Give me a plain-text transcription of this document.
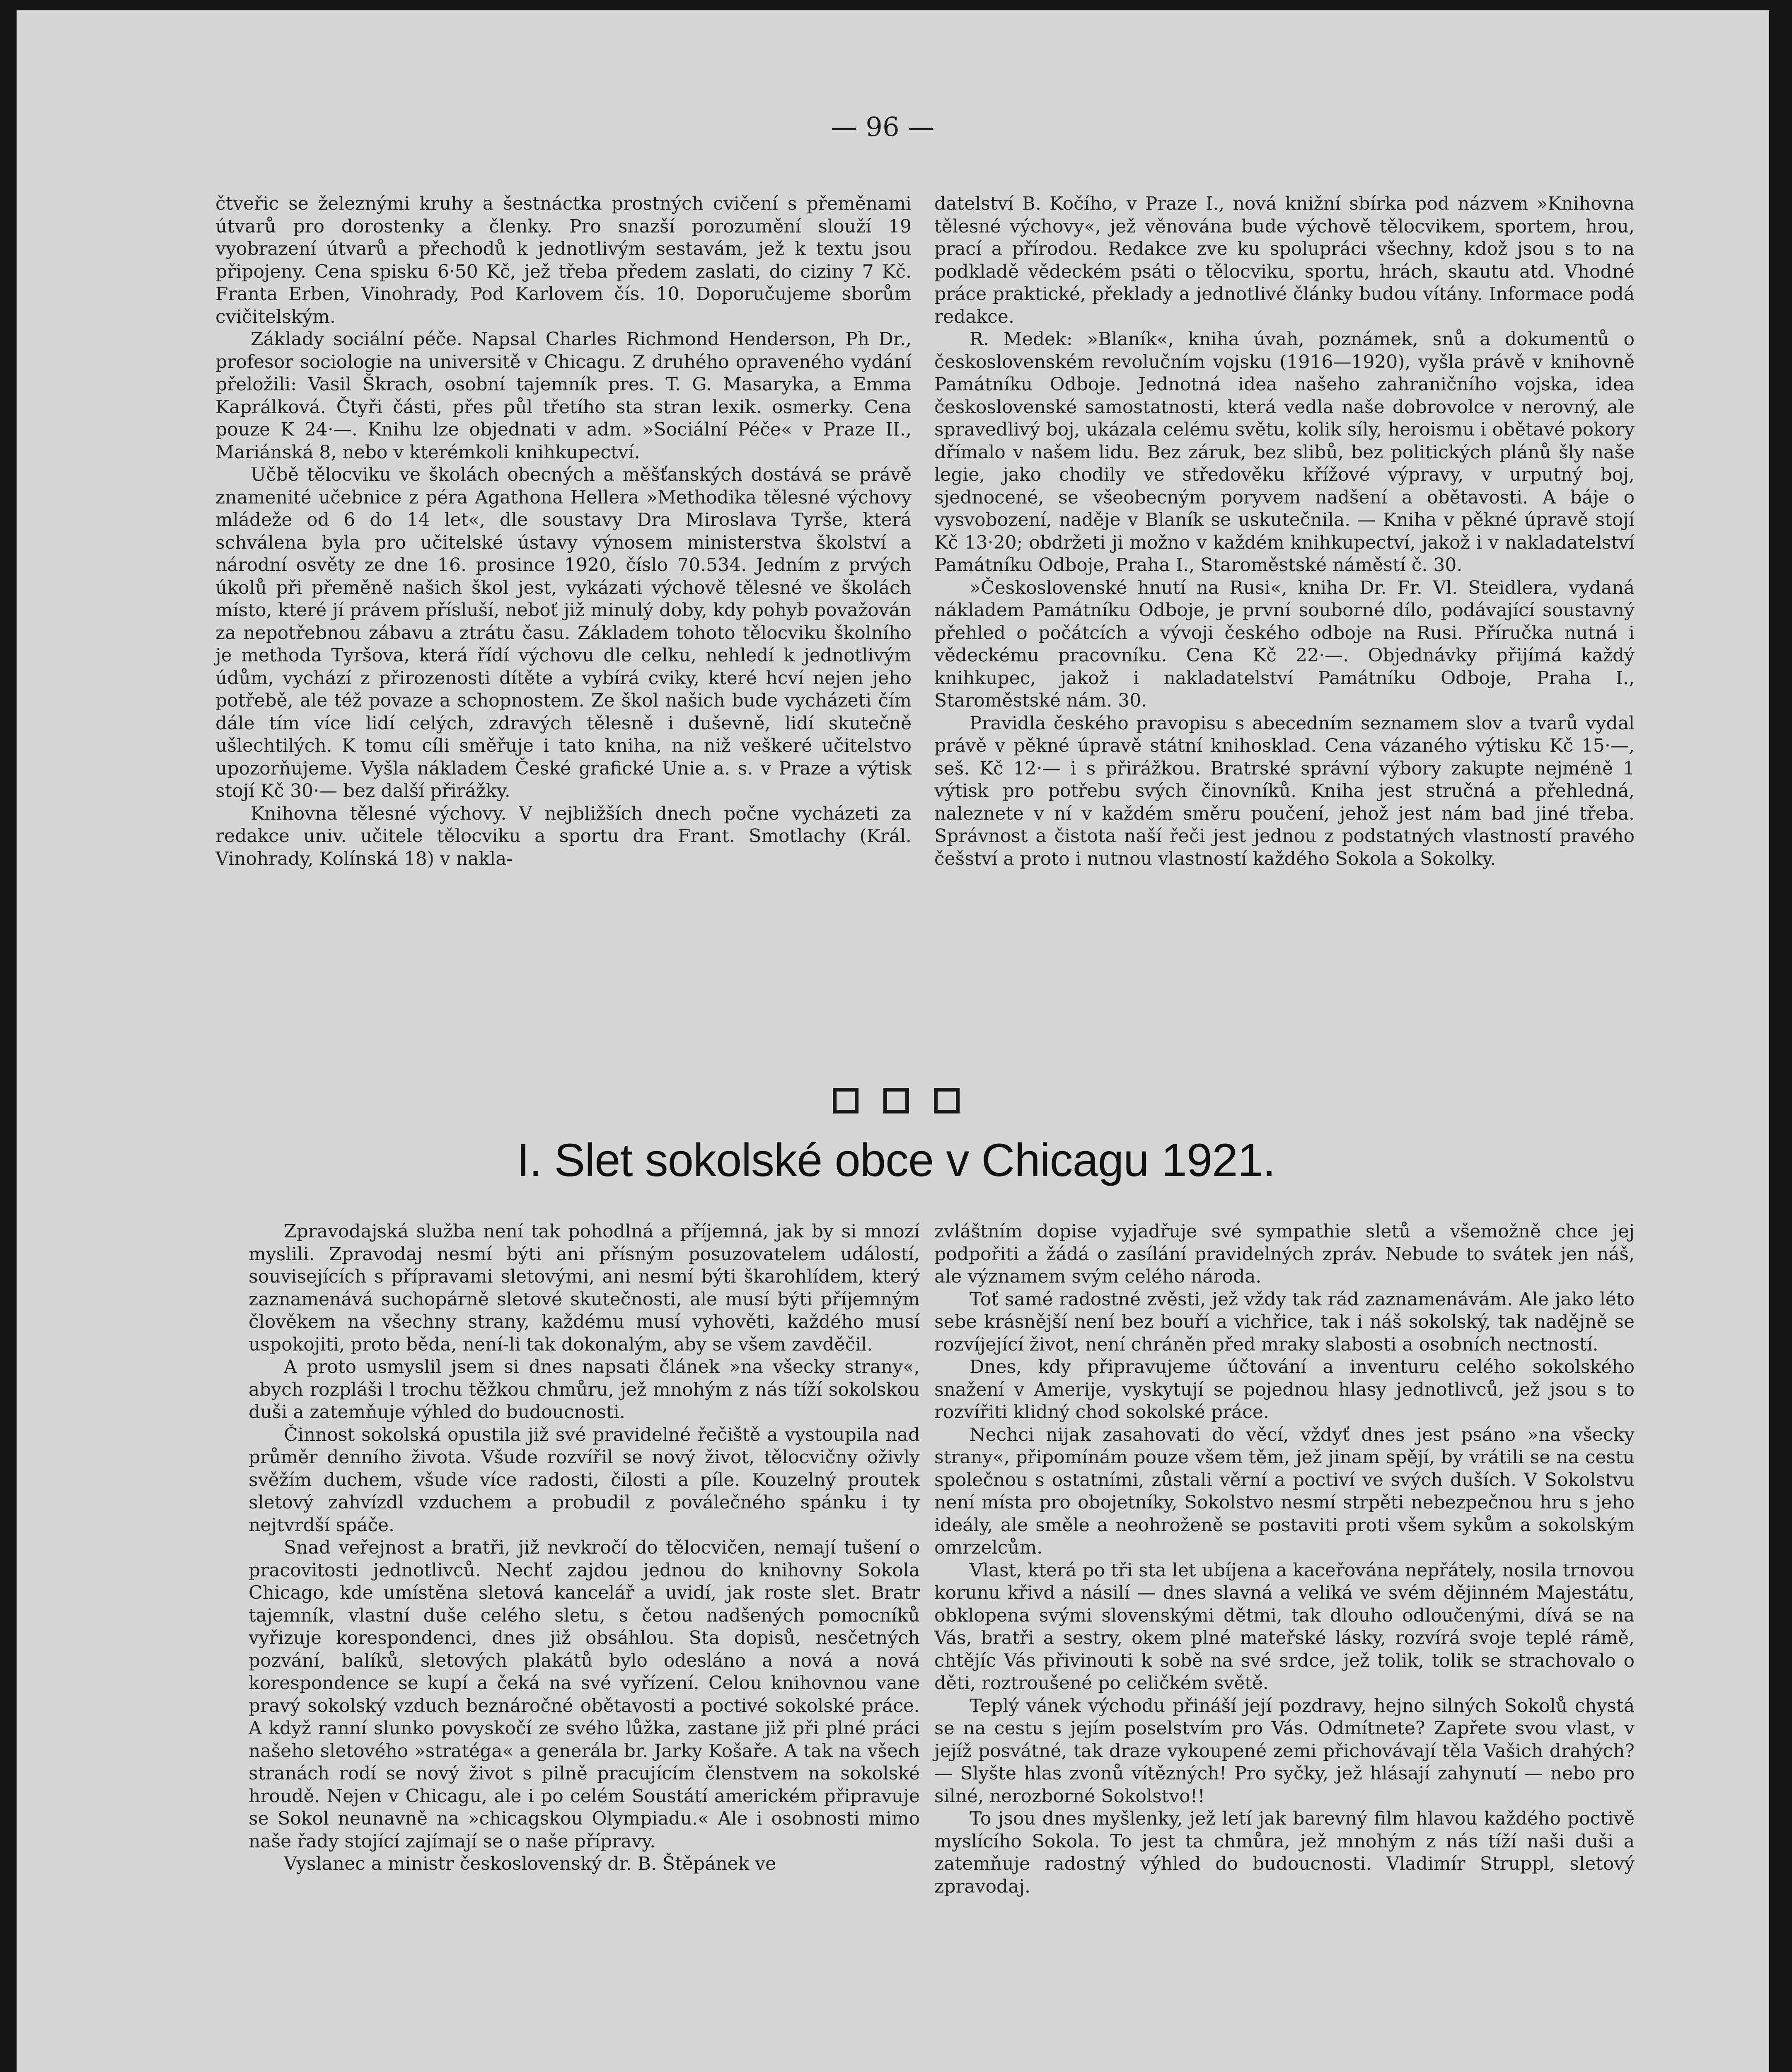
— 96 —

čtveřic se železnými kruhy a šestnáctka prostných cvičení s přeměnami útvarů pro dorostenky a členky. Pro snazší porozumění slouží 19 vyobrazení útvarů a přechodů k jednotlivým sestavám, jež k textu jsou připojeny. Cena spisku 6·50 Kč, jež třeba předem zaslati, do ciziny 7 Kč. Franta Erben, Vinohrady, Pod Karlovem čís. 10. Doporučujeme sborům cvičitelským.

Základy sociální péče. Napsal Charles Richmond Henderson, Ph Dr., profesor sociologie na universitě v Chicagu. Z druhého opraveného vydání přeložili: Vasil Škrach, osobní tajemník pres. T. G. Masaryka, a Emma Kaprálková. Čtyři části, přes půl třetího sta stran lexik. osmerky. Cena pouze K 24·—. Knihu lze objednati v adm. »Sociální Péče« v Praze II., Mariánská 8, nebo v kterémkoli knihkupectví.

Učbě tělocviku ve školách obecných a měšťanských dostává se právě znamenité učebnice z péra Agathona Hellera »Methodika tělesné výchovy mládeže od 6 do 14 let«, dle soustavy Dra Miroslava Tyrše, která schválena byla pro učitelské ústavy výnosem ministerstva školství a národní osvěty ze dne 16. prosince 1920, číslo 70.534. Jedním z prvých úkolů při přeměně našich škol jest, vykázati výchově tělesné ve školách místo, které jí právem přísluší, neboť již minulý doby, kdy pohyb považován za nepotřebnou zábavu a ztrátu času. Základem tohoto tělocviku školního je methoda Tyršova, která řídí výchovu dle celku, nehledí k jednotlivým údům, vychází z přirozenosti dítěte a vybírá cviky, které hcví nejen jeho potřebě, ale též povaze a schopnostem. Ze škol našich bude vycházeti čím dále tím více lidí celých, zdravých tělesně i duševně, lidí skutečně ušlechtilých. K tomu cíli směřuje i tato kniha, na niž veškeré učitelstvo upozorňujeme. Vyšla nákladem České grafické Unie a. s. v Praze a výtisk stojí Kč 30·— bez další přirážky.

Knihovna tělesné výchovy. V nejbližších dnech počne vycházeti za redakce univ. učitele tělocviku a sportu dra Frant. Smotlachy (Král. Vinohrady, Kolínská 18) v nakla-

datelství B. Kočího, v Praze I., nová knižní sbírka pod názvem »Knihovna tělesné výchovy«, jež věnována bude výchově tělocvikem, sportem, hrou, prací a přírodou. Redakce zve ku spolupráci všechny, kdož jsou s to na podkladě vědeckém psáti o tělocviku, sportu, hrách, skautu atd. Vhodné práce praktické, překlady a jednotlivé články budou vítány. Informace podá redakce.

R. Medek: »Blaník«, kniha úvah, poznámek, snů a dokumentů o československém revolučním vojsku (1916—1920), vyšla právě v knihovně Památníku Odboje. Jednotná idea našeho zahraničního vojska, idea československé samostatnosti, která vedla naše dobrovolce v nerovný, ale spravedlivý boj, ukázala celému světu, kolik síly, heroismu i obětavé pokory dřímalo v našem lidu. Bez záruk, bez slibů, bez politických plánů šly naše legie, jako chodily ve středověku křížové výpravy, v urputný boj, sjednocené, se všeobecným poryvem nadšení a obětavosti. A báje o vysvobození, naděje v Blaník se uskutečnila. — Kniha v pěkné úpravě stojí Kč 13·20; obdržeti ji možno v každém knihkupectví, jakož i v nakladatelství Památníku Odboje, Praha I., Staroměstské náměstí č. 30.

»Československé hnutí na Rusi«, kniha Dr. Fr. Vl. Steidlera, vydaná nákladem Památníku Odboje, je první souborné dílo, podávající soustavný přehled o počátcích a vývoji českého odboje na Rusi. Příručka nutná i vědeckému pracovníku. Cena Kč 22·—. Objednávky přijímá každý knihkupec, jakož i nakladatelství Památníku Odboje, Praha I., Staroměstské nám. 30.

Pravidla českého pravopisu s abecedním seznamem slov a tvarů vydal právě v pěkné úpravě státní knihosklad. Cena vázaného výtisku Kč 15·—, seš. Kč 12·— i s přirážkou. Bratrské správní výbory zakupte nejméně 1 výtisk pro potřebu svých činovníků. Kniha jest stručná a přehledná, naleznete v ní v každém směru poučení, jehož jest nám bad jiné třeba. Správnost a čistota naší řeči jest jednou z podstatných vlastností pravého češství a proto i nutnou vlastností každého Sokola a Sokolky.

I. Slet sokolské obce v Chicagu 1921.

Zpravodajská služba není tak pohodlná a příjemná, jak by si mnozí myslili. Zpravodaj nesmí býti ani přísným posuzovatelem událostí, souvisejících s přípravami sletovými, ani nesmí býti škarohlídem, který zaznamenává suchopárně sletové skutečnosti, ale musí býti příjemným člověkem na všechny strany, každému musí vyhověti, každého musí uspokojiti, proto běda, není-li tak dokonalým, aby se všem zavděčil.

A proto usmyslil jsem si dnes napsati článek »na všecky strany«, abych rozpláši l trochu těžkou chmůru, jež mnohým z nás tíží sokolskou duši a zatemňuje výhled do budoucnosti.

Činnost sokolská opustila již své pravidelné řečiště a vystoupila nad průměr denního života. Všude rozvířil se nový život, tělocvičny oživly svěžím duchem, všude více radosti, čilosti a píle. Kouzelný proutek sletový zahvízdl vzduchem a probudil z poválečného spánku i ty nejtvrdší spáče.

Snad veřejnost a bratři, již nevkročí do tělocvičen, nemají tušení o pracovitosti jednotlivců. Nechť zajdou jednou do knihovny Sokola Chicago, kde umístěna sletová kancelář a uvidí, jak roste slet. Bratr tajemník, vlastní duše celého sletu, s četou nadšených pomocníků vyřizuje korespondenci, dnes již obsáhlou. Sta dopisů, nesčetných pozvání, balíků, sletových plakátů bylo odesláno a nová a nová korespondence se kupí a čeká na své vyřízení. Celou knihovnou vane pravý sokolský vzduch beznáročné obětavosti a poctivé sokolské práce. A když ranní slunko povyskočí ze svého lůžka, zastane již při plné práci našeho sletového »stratéga« a generála br. Jarky Košaře. A tak na všech stranách rodí se nový život s pilně pracujícím členstvem na sokolské hroudě. Nejen v Chicagu, ale i po celém Soustátí americkém připravuje se Sokol neunavně na »chicagskou Olympiadu.« Ale i osobnosti mimo naše řady stojící zajímají se o naše přípravy.

Vyslanec a ministr československý dr. B. Štěpánek ve

zvláštním dopise vyjadřuje své sympathie sletů a všemožně chce jej podpořiti a žádá o zasílání pravidelných zpráv. Nebude to svátek jen náš, ale významem svým celého národa.

Toť samé radostné zvěsti, jež vždy tak rád zaznamenávám. Ale jako léto sebe krásnější není bez bouří a vichřice, tak i náš sokolský, tak nadějně se rozvíjející život, není chráněn před mraky slabosti a osobních nectností.

Dnes, kdy připravujeme účtování a inventuru celého sokolského snažení v Amerije, vyskytují se pojednou hlasy jednotlivců, jež jsou s to rozvířiti klidný chod sokolské práce.

Nechci nijak zasahovati do věcí, vždyť dnes jest psáno »na všecky strany«, připomínám pouze všem těm, jež jinam spějí, by vrátili se na cestu společnou s ostatními, zůstali věrní a poctiví ve svých duších. V Sokolstvu není místa pro obojetníky, Sokolstvo nesmí strpěti nebezpečnou hru s jeho ideály, ale směle a neohroženě se postaviti proti všem sykům a sokolským omrzelcům.

Vlast, která po tři sta let ubíjena a kaceřována nepřátely, nosila trnovou korunu křivd a násilí — dnes slavná a veliká ve svém dějinném Majestátu, obklopena svými slovenskými dětmi, tak dlouho odloučenými, dívá se na Vás, bratři a sestry, okem plné mateřské lásky, rozvírá svoje teplé rámě, chtějíc Vás přivinouti k sobě na své srdce, jež tolik, tolik se strachovalo o děti, roztroušené po celičkém světě.

Teplý vánek východu přináší její pozdravy, hejno silných Sokolů chystá se na cestu s jejím poselstvím pro Vás. Odmítnete? Zapřete svou vlast, v jejíž posvátné, tak draze vykoupené zemi přichovávají těla Vašich drahých? — Slyšte hlas zvonů vítězných! Pro syčky, jež hlásají zahynutí — nebo pro silné, nerozborné Sokolstvo!!

To jsou dnes myšlenky, jež letí jak barevný film hlavou každého poctivě myslícího Sokola. To jest ta chmůra, jež mnohým z nás tíží naši duši a zatemňuje radostný výhled do budoucnosti. Vladimír Struppl, sletový zpravodaj.
